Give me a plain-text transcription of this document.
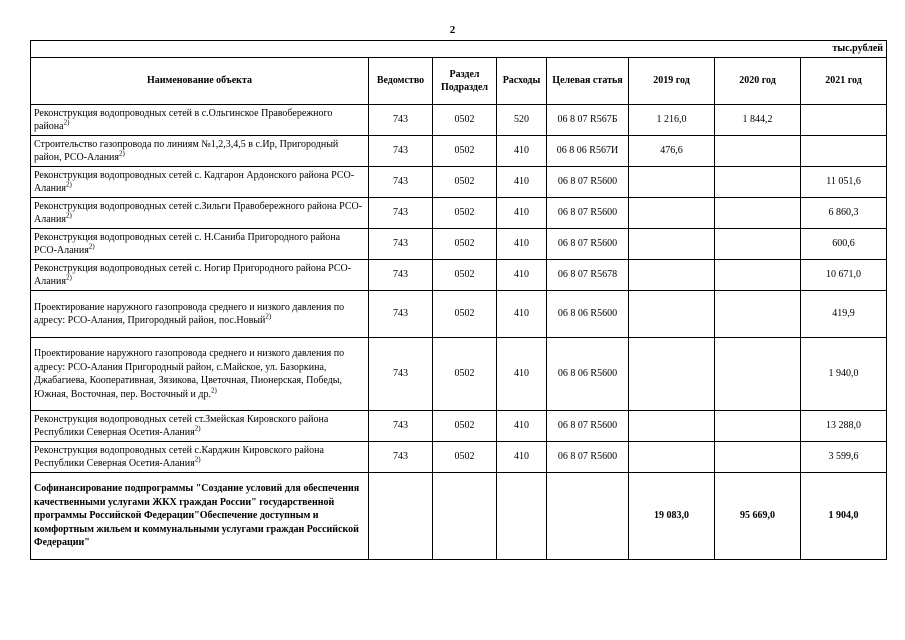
2
тыс.рублей							
Наименование объекта	Ведомство	Раздел Подраздел	Расходы	Целевая статья	2019 год	2020 год	2021 год
Реконструкция водопроводных сетей в с.Ольгинское Правобережного района$^{2)}$	743	0502	520	06 8 07 R567Б	1 216,0	1 844,2	
Строительство газопровода по линиям №1,2,3,4,5 в с.Ир, Пригородный район, РСО-Алания$^{2)}$	743	0502	410	06 8 06 R567И	476,6		
Реконструкция водопроводных сетей с. Кадгарон Ардонского района РСО-Алания$^{2)}$	743	0502	410	06 8 07 R5600			11 051,6
Реконструкция водопроводных сетей с.Зильги Правобережного района РСО-Алания$^{2)}$	743	0502	410	06 8 07 R5600			6 860,3
Реконструкция водопроводных сетей с. Н.Саниба Пригородного района РСО-Алания$^{2)}$	743	0502	410	06 8 07 R5600			600,6
Реконструкция водопроводных сетей с. Ногир Пригородного района РСО-Алания$^{2)}$	743	0502	410	06 8 07 R5678			10 671,0
Проектирование наружного газопровода среднего и низкого давления по адресу: РСО-Алания, Пригородный район, пос.Новый$^{2)}$	743	0502	410	06 8 06 R5600			419,9
Проектирование наружного газопровода среднего и низкого давления по адресу: РСО-Алания Пригородный район, с.Майское, ул. Базоркина, Джабагиева, Кооперативная, Зязикова, Цветочная, Пионерская, Победы, Южная, Восточная, пер. Восточный и др.$^{2)}$	743	0502	410	06 8 06 R5600			1 940,0
Реконструкция водопроводных сетей ст.Змейская Кировского района Республики Северная Осетия-Алания$^{2)}$	743	0502	410	06 8 07 R5600			13 288,0
Реконструкция водопроводных сетей с.Карджин Кировского района Республики Северная Осетия-Алания$^{2)}$	743	0502	410	06 8 07 R5600			3 599,6
Софинансирование подпрограммы "Создание условий для обеспечения качественными услугами ЖКХ граждан России" государственной программы Российской Федерации"Обеспечение доступным и комфортным жильем и коммунальными услугами граждан Российской Федерации"					19 083,0	95 669,0	1 904,0
